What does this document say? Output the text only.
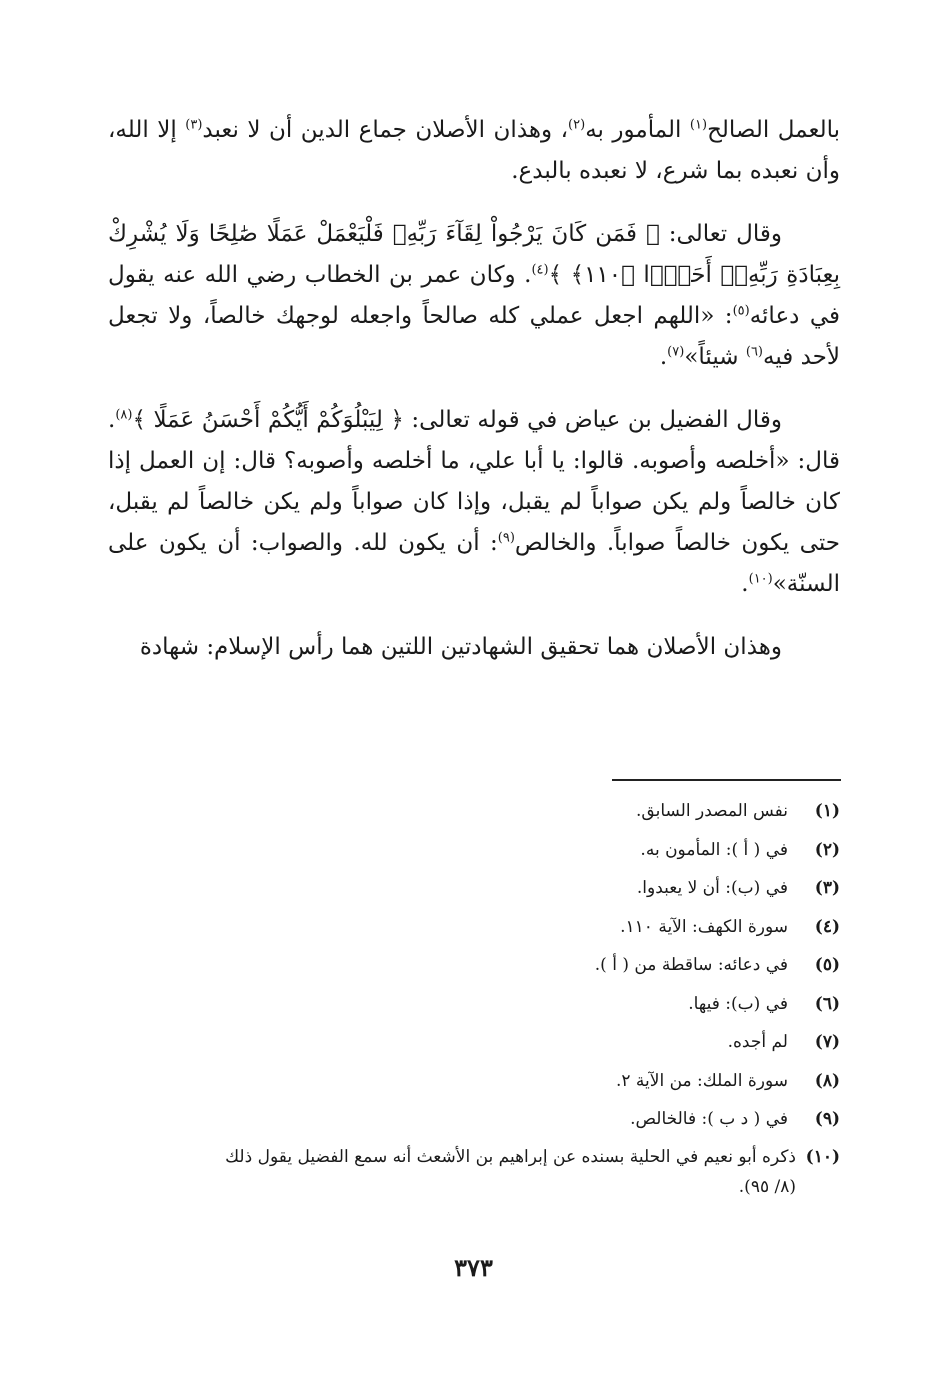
بالعمل الصالح$^{(١)}$ المأمور به$^{(٢)}$، وهذان الأصلان جماع الدين أن لا نعبد$^{(٣)}$ إلا الله، وأن نعبده بما شرع، لا نعبده بالبدع.

وقال تعالى: ﴿ فَمَن كَانَ يَرْجُواْ لِقَآءَ رَبِّهِۦ فَلْيَعْمَلْ عَمَلًا صَٰلِحًا وَلَا يُشْرِكْ بِعِبَادَةِ رَبِّهِۦٓ أَحَدًۢا ﴿١١٠﴾ ﴾$^{(٤)}$. وكان عمر بن الخطاب رضي الله عنه يقول في دعائه$^{(٥)}$: «اللهم اجعل عملي كله صالحاً واجعله لوجهك خالصاً، ولا تجعل لأحد فيه$^{(٦)}$ شيئاً»$^{(٧)}$.

وقال الفضيل بن عياض في قوله تعالى: ﴿ لِيَبْلُوَكُمْ أَيُّكُمْ أَحْسَنُ عَمَلًا ﴾$^{(٨)}$. قال: «أخلصه وأصوبه. قالوا: يا أبا علي، ما أخلصه وأصوبه؟ قال: إن العمل إذا كان خالصاً ولم يكن صواباً لم يقبل، وإذا كان صواباً ولم يكن خالصاً لم يقبل، حتى يكون خالصاً صواباً. والخالص$^{(٩)}$: أن يكون لله. والصواب: أن يكون على السنّة»$^{(١٠)}$.

وهذان الأصلان هما تحقيق الشهادتين اللتين هما رأس الإسلام: شهادة

(١)نفس المصدر السابق.
(٢)في ( أ ): المأمون به.
(٣)في (ب): أن لا يعبدوا.
(٤)سورة الكهف: الآية ١١٠.
(٥)في دعائه: ساقطة من ( أ ).
(٦)في (ب): فيها.
(٧)لم أجده.
(٨)سورة الملك: من الآية ٢.
(٩)في ( د ب ): فالخالص.
(١٠)ذكره أبو نعيم في الحلية بسنده عن إبراهيم بن الأشعث أنه سمع الفضيل يقول ذلك
(٨/ ٩٥).
٣٧٣
